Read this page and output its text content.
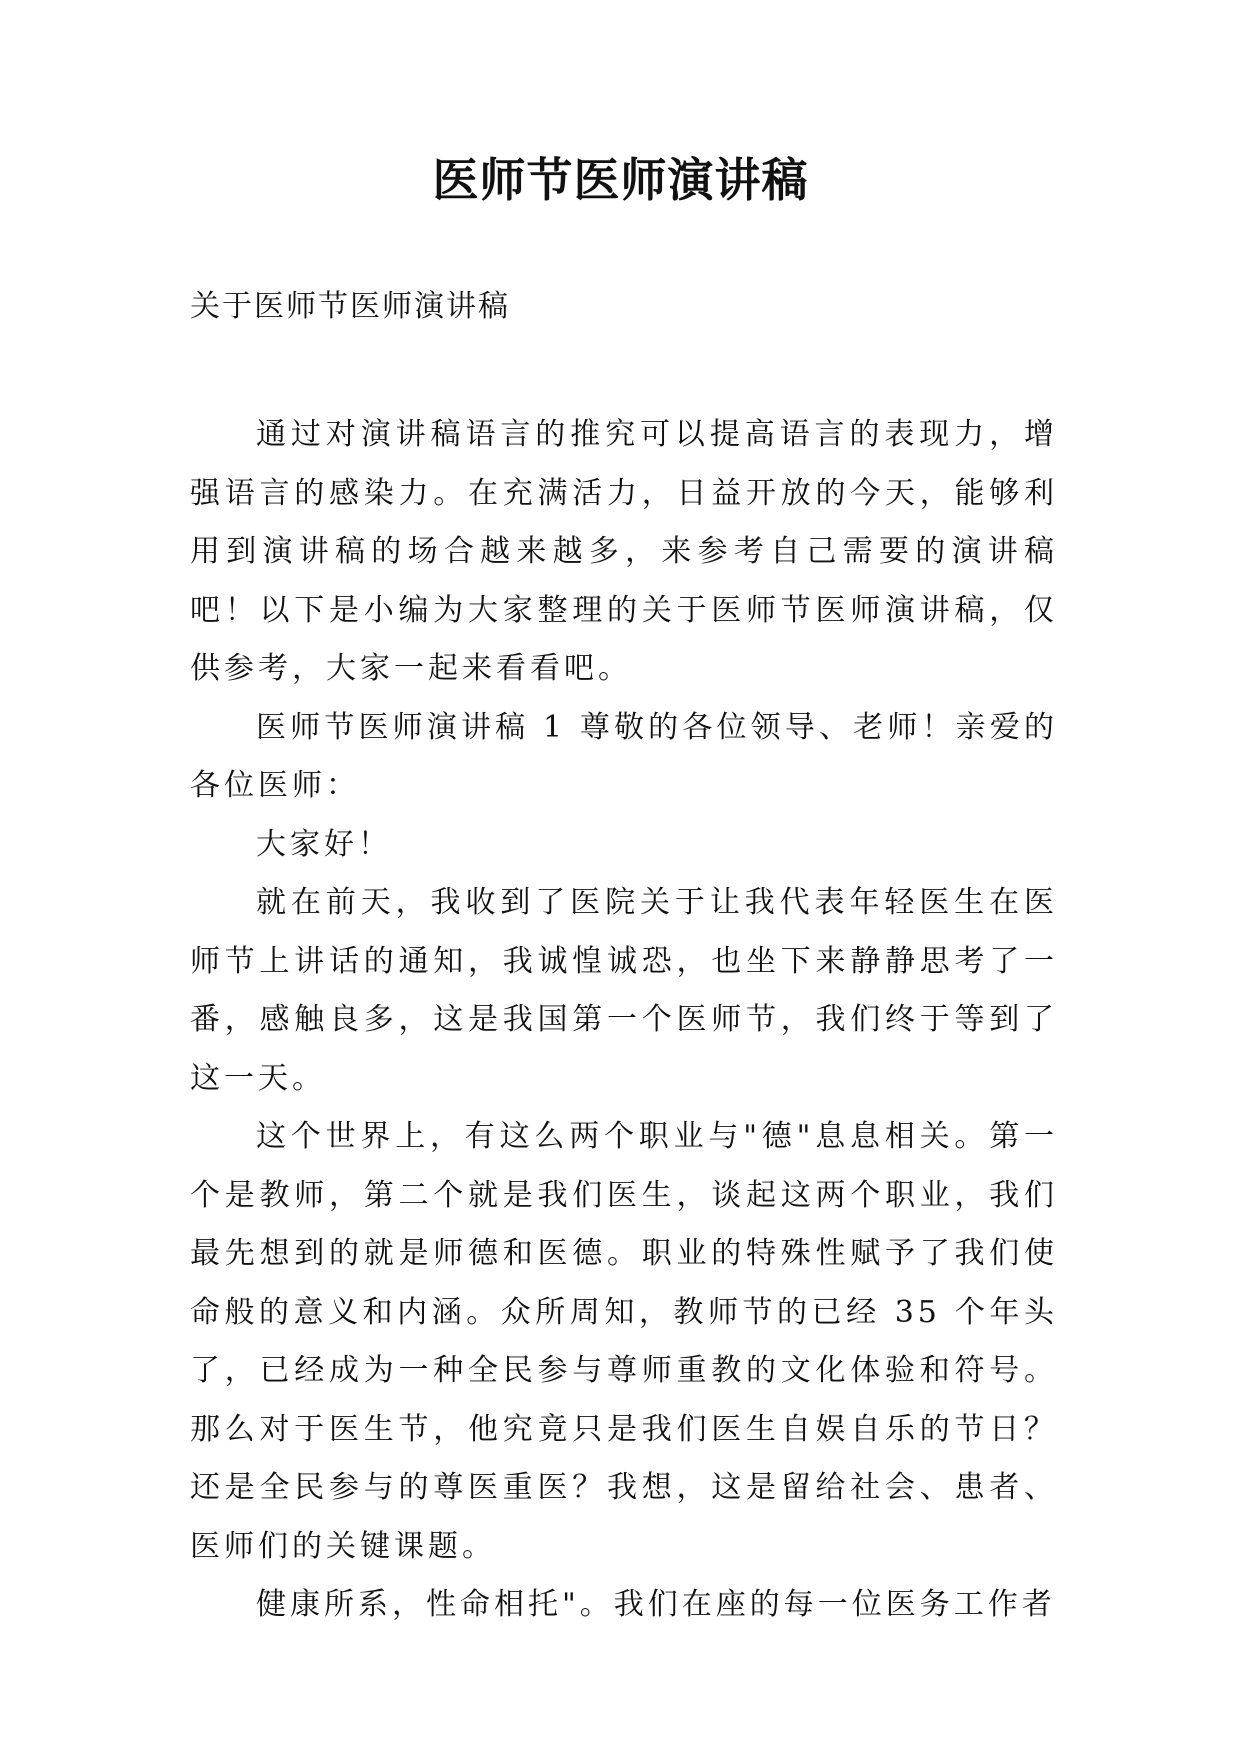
医师节医师演讲稿
关于医师节医师演讲稿

通过对演讲稿语言的推究可以提高语言的表现力，增强语言的感染力。在充满活力，日益开放的今天，能够利用到演讲稿的场合越来越多，来参考自己需要的演讲稿吧！以下是小编为大家整理的关于医师节医师演讲稿，仅供参考，大家一起来看看吧。

医师节医师演讲稿 1 尊敬的各位领导、老师！亲爱的各位医师：

大家好！

就在前天，我收到了医院关于让我代表年轻医生在医师节上讲话的通知，我诚惶诚恐，也坐下来静静思考了一番，感触良多，这是我国第一个医师节，我们终于等到了这一天。

这个世界上，有这么两个职业与"德"息息相关。第一个是教师，第二个就是我们医生，谈起这两个职业，我们最先想到的就是师德和医德。职业的特殊性赋予了我们使命般的意义和内涵。众所周知，教师节的已经 35 个年头了，已经成为一种全民参与尊师重教的文化体验和符号。那么对于医生节，他究竟只是我们医生自娱自乐的节日？还是全民参与的尊医重医？我想，这是留给社会、患者、医师们的关键课题。

健康所系，性命相托"。我们在座的每一位医务工作者
